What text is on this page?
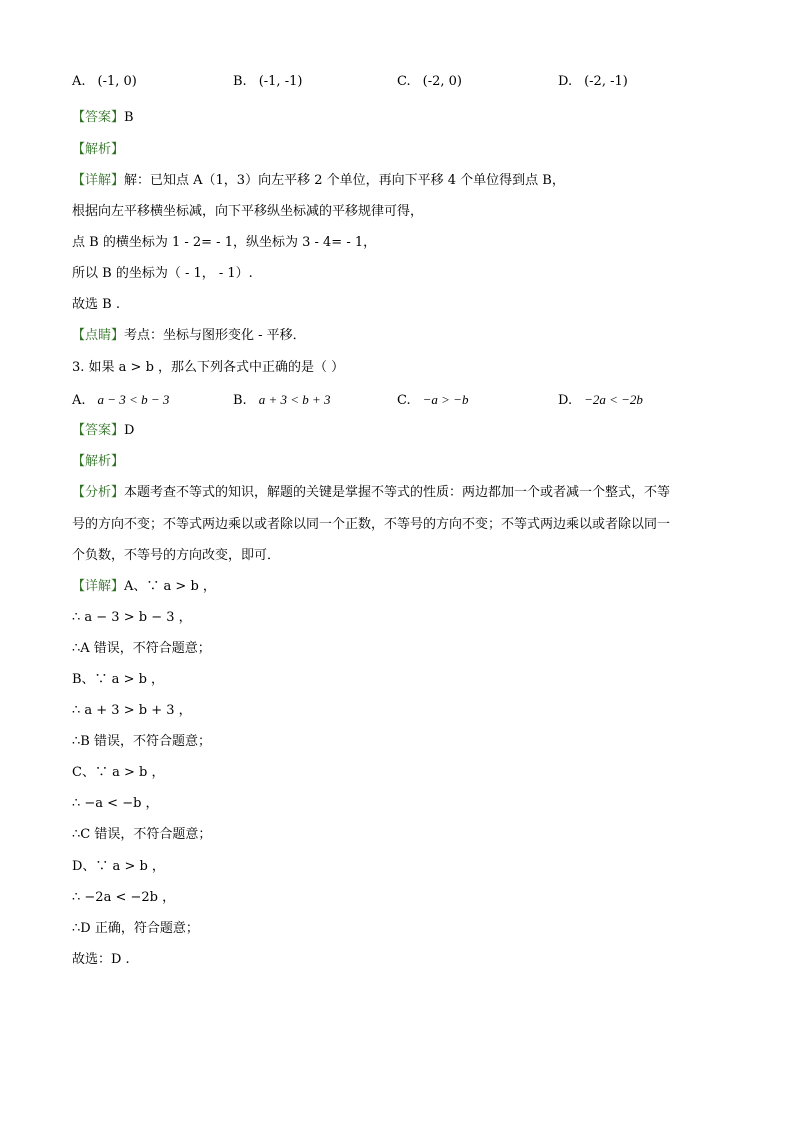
A. (-1, 0)	B. (-1, -1)	C. (-2, 0)	D. (-2, -1)
【答案】B
【解析】
【详解】解：已知点 A（1，3）向左平移 2 个单位，再向下平移 4 个单位得到点 B，
根据向左平移横坐标减，向下平移纵坐标减的平移规律可得，
点 B 的横坐标为 1 - 2= - 1，纵坐标为 3 - 4= - 1，
所以 B 的坐标为（ - 1， - 1）.
故选 B .
【点睛】考点：坐标与图形变化 - 平移．
3. 如果 a > b ，那么下列各式中正确的是（ ）
A. a − 3 < b − 3	B. a + 3 < b + 3	C. −a > −b	D. −2a < −2b
【答案】D
【解析】
【分析】本题考查不等式的知识，解题的关键是掌握不等式的性质：两边都加一个或者减一个整式，不等
号的方向不变；不等式两边乘以或者除以同一个正数，不等号的方向不变；不等式两边乘以或者除以同一
个负数，不等号的方向改变，即可．
【详解】A、∵ a > b ，
∴ a − 3 > b − 3 ，
∴A 错误，不符合题意；
B、∵ a > b ，
∴ a + 3 > b + 3 ，
∴B 错误，不符合题意；
C、∵ a > b ，
∴ −a < −b ，
∴C 错误，不符合题意；
D、∵ a > b ，
∴ −2a < −2b ，
∴D 正确，符合题意；
故选：D .
